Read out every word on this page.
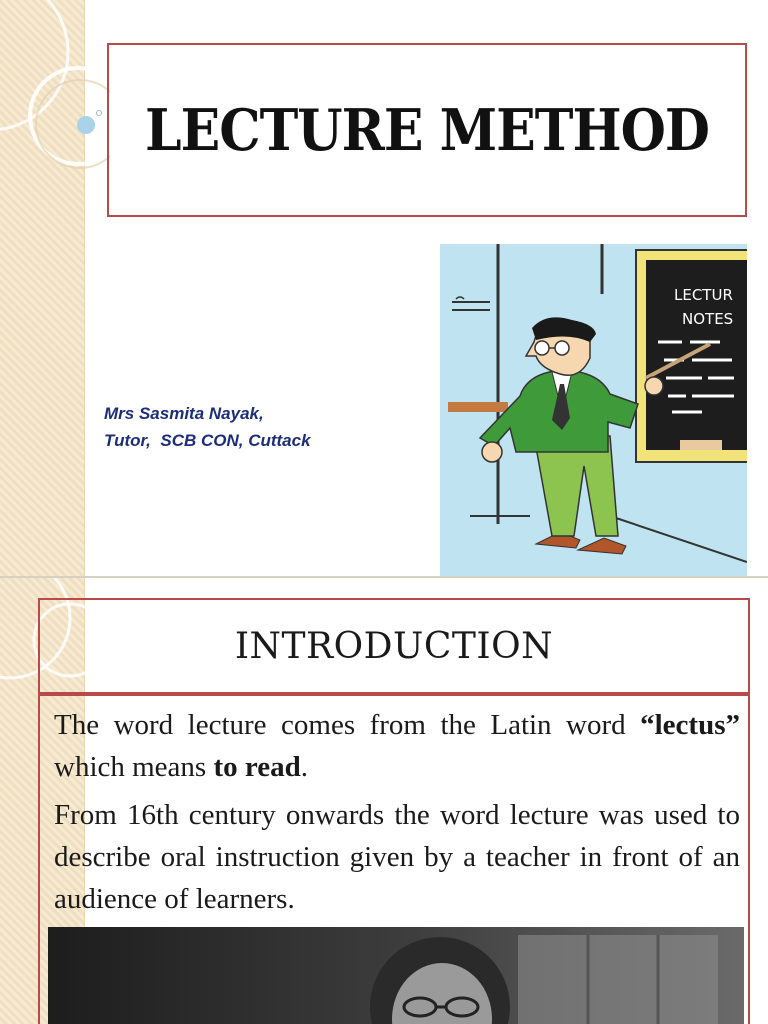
LECTURE METHOD
Mrs Sasmita Nayak,
Tutor,  SCB CON, Cuttack
LECTUR
NOTES
INTRODUCTION
The word lecture comes from the Latin word “lectus” which means to read.
From 16th century onwards the word lecture was used to describe oral instruction given by a teacher in front of an audience of learners.
